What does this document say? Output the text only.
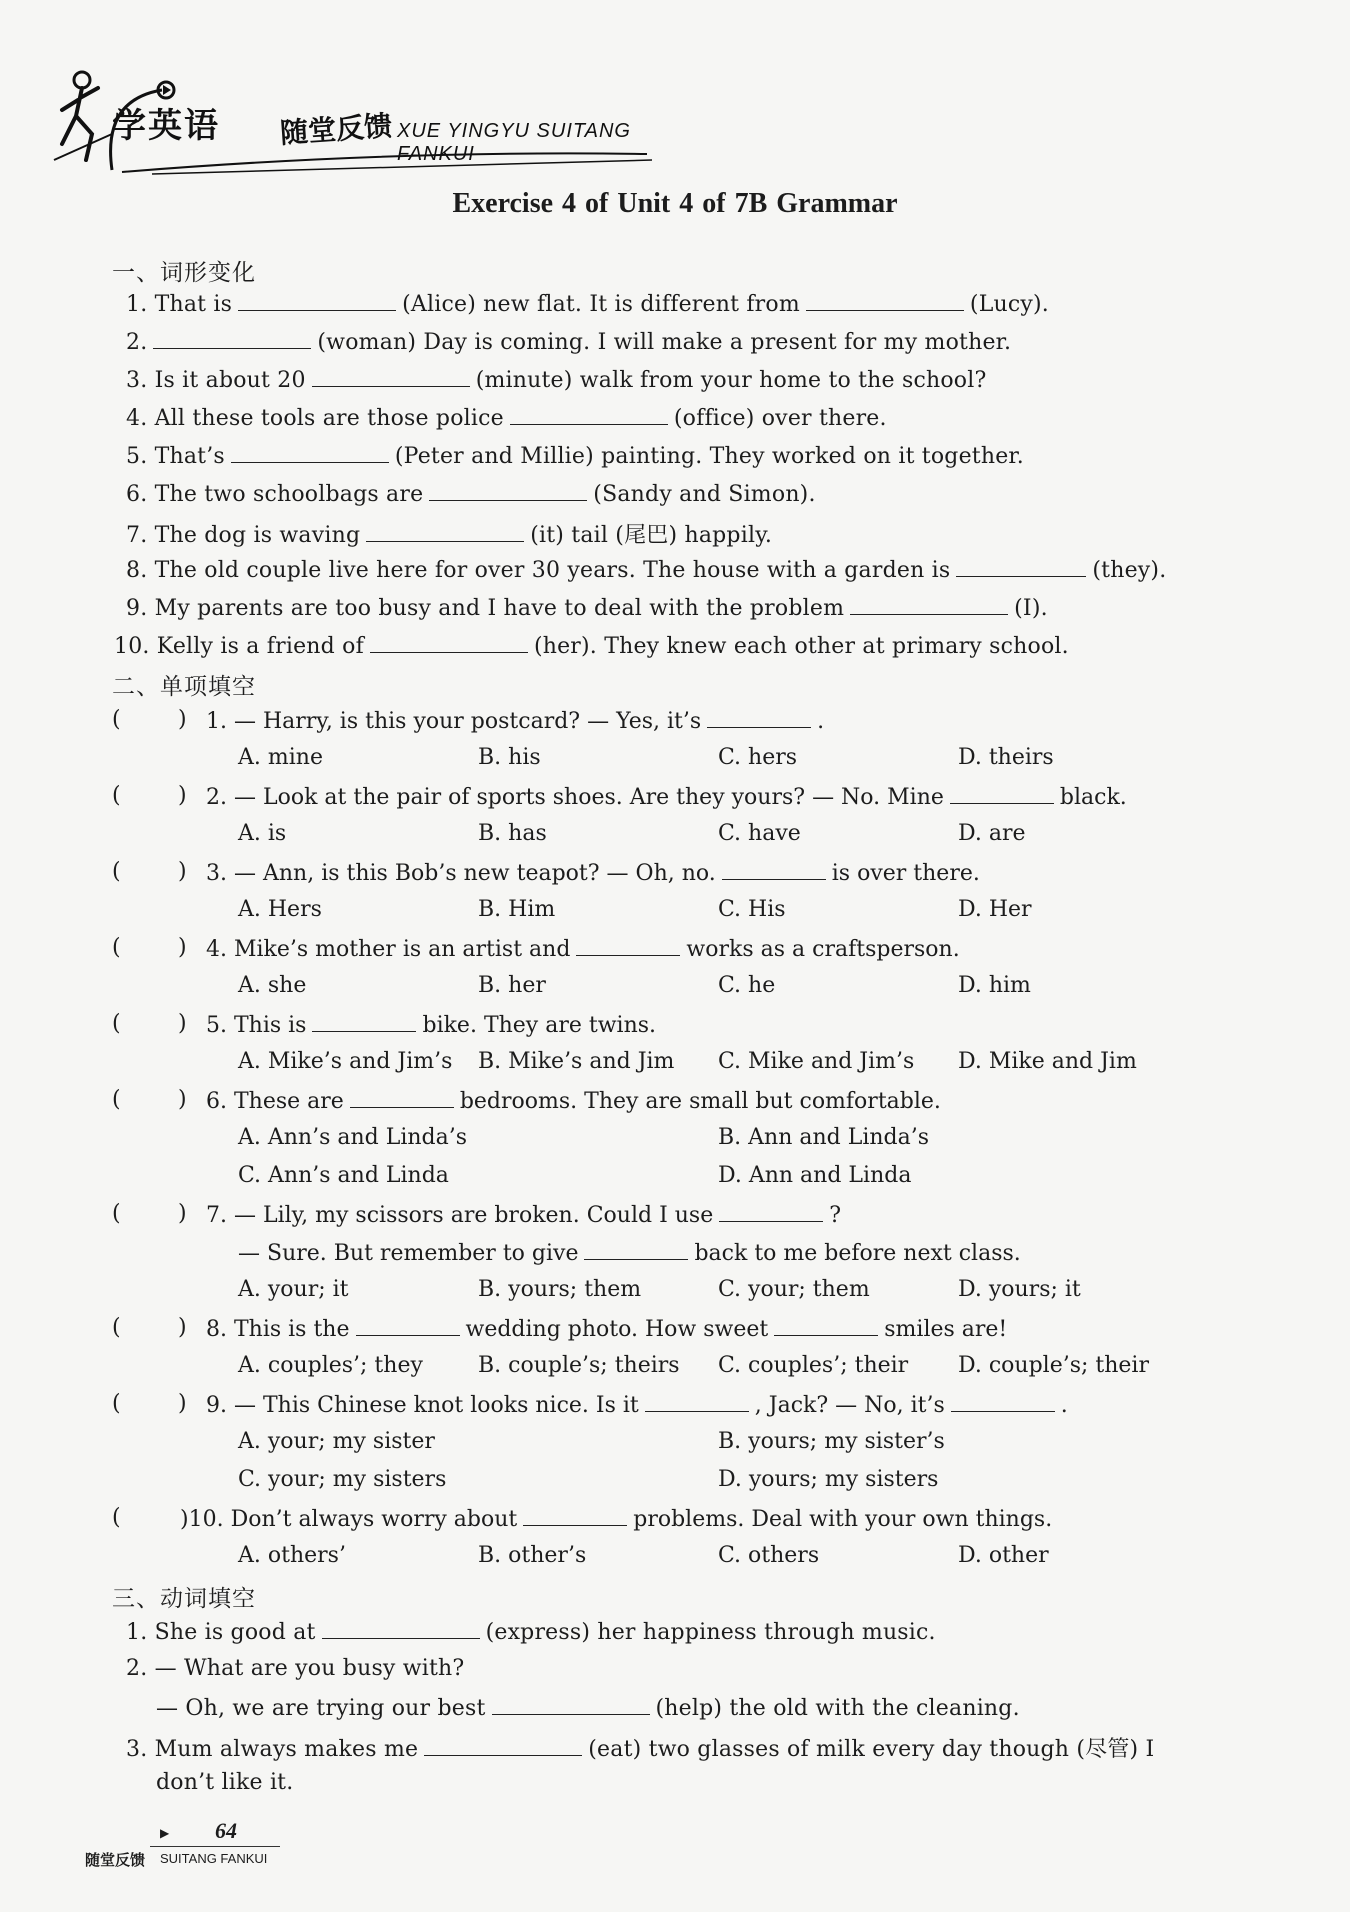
学英语 随堂反馈 XUE YINGYU SUITANG FANKUI
Exercise 4 of Unit 4 of 7B Grammar
一、词形变化
1. That is	(Alice) new flat. It is different from	(Lucy).
2.	(woman) Day is coming. I will make a present for my mother.
3. Is it about 20	(minute) walk from your home to the school?
4. All these tools are those police	(office) over there.
5. That’s	(Peter and Millie) painting. They worked on it together.
6. The two schoolbags are	(Sandy and Simon).
7. The dog is waving	(it) tail (尾巴) happily.
8. The old couple live here for over 30 years. The house with a garden is	(they).
9. My parents are too busy and I have to deal with the problem	(I).
10. Kelly is a friend of	(her). They knew each other at primary school.
二、单项填空
(	) 1. — Harry, is this your postcard? — Yes, it’s	.
A. mine	B. his	C. hers	D. theirs
(	) 2. — Look at the pair of sports shoes. Are they yours? — No. Mine	black.
A. is	B. has	C. have	D. are
(	) 3. — Ann, is this Bob’s new teapot? — Oh, no.	is over there.
A. Hers	B. Him	C. His	D. Her
(	) 4. Mike’s mother is an artist and	works as a craftsperson.
A. she	B. her	C. he	D. him
(	) 5. This is	bike. They are twins.
A. Mike’s and Jim’s B. Mike’s and Jim C. Mike and Jim’s D. Mike and Jim
(	) 6. These are	bedrooms. They are small but comfortable.
A. Ann’s and Linda’s	B. Ann and Linda’s
C. Ann’s and Linda	D. Ann and Linda
(	) 7. — Lily, my scissors are broken. Could I use	?
— Sure. But remember to give	back to me before next class.
A. your; it	B. yours; them	C. your; them	D. yours; it
(	) 8. This is the	wedding photo. How sweet	smiles are!
A. couples’; they	B. couple’s; theirs C. couples’; their D. couple’s; their
(	) 9. — This Chinese knot looks nice. Is it	, Jack? — No, it’s	.
A. your; my sister	B. yours; my sister’s
C. your; my sisters	D. yours; my sisters
(	)10. Don’t always worry about	problems. Deal with your own things.
A. others’	B. other’s	C. others	D. other
三、动词填空
1. She is good at	(express) her happiness through music.
2. — What are you busy with?
— Oh, we are trying our best	(help) the old with the cleaning.
3. Mum always makes me	(eat) two glasses of milk every day though (尽管) I
don’t like it.
▶ 64
随堂反馈 SUITANG FANKUI
